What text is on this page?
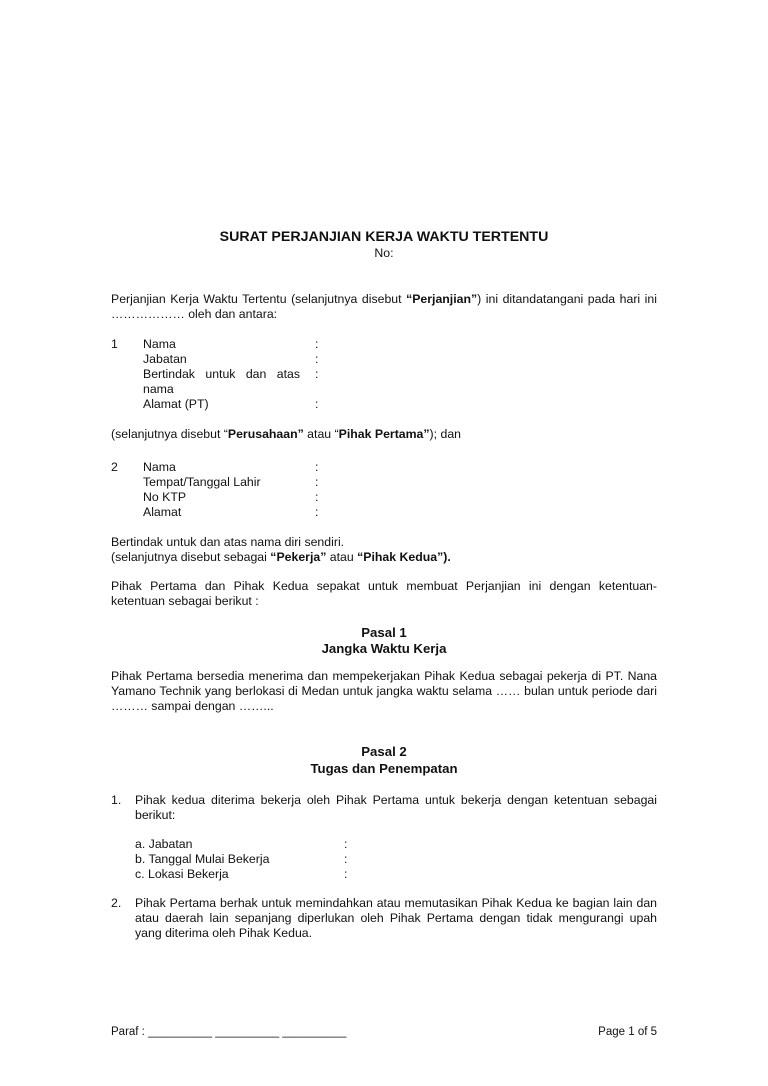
SURAT PERJANJIAN KERJA WAKTU TERTENTU
No:
Perjanjian Kerja Waktu Tertentu (selanjutnya disebut “Perjanjian”) ini ditandatangani pada hari ini ……………… oleh dan antara:
1 Nama
Jabatan
Bertindak untuk dan atas
nama
Alamat (PT)
:
:
:
:
(selanjutnya disebut “Perusahaan” atau “Pihak Pertama”); dan
2 Nama
Tempat/Tanggal Lahir
No KTP
Alamat
:
:
:
:
Bertindak untuk dan atas nama diri sendiri.
(selanjutnya disebut sebagai “Pekerja” atau “Pihak Kedua”).
Pihak Pertama dan Pihak Kedua sepakat untuk membuat Perjanjian ini dengan ketentuan-ketentuan sebagai berikut :
Pasal 1
Jangka Waktu Kerja
Pihak Pertama bersedia menerima dan mempekerjakan Pihak Kedua sebagai pekerja di PT. Nana Yamano Technik yang berlokasi di Medan untuk jangka waktu selama …… bulan untuk periode dari ……… sampai dengan ……...
Pasal 2
Tugas dan Penempatan
1. Pihak kedua diterima bekerja oleh Pihak Pertama untuk bekerja dengan ketentuan sebagai berikut:
a. Jabatan
b. Tanggal Mulai Bekerja
c. Lokasi Bekerja
:
:
:
2. Pihak Pertama berhak untuk memindahkan atau memutasikan Pihak Kedua ke bagian lain dan atau daerah lain sepanjang diperlukan oleh Pihak Pertama dengan tidak mengurangi upah yang diterima oleh Pihak Kedua.
Paraf : __________ __________ __________	Page 1 of 5
